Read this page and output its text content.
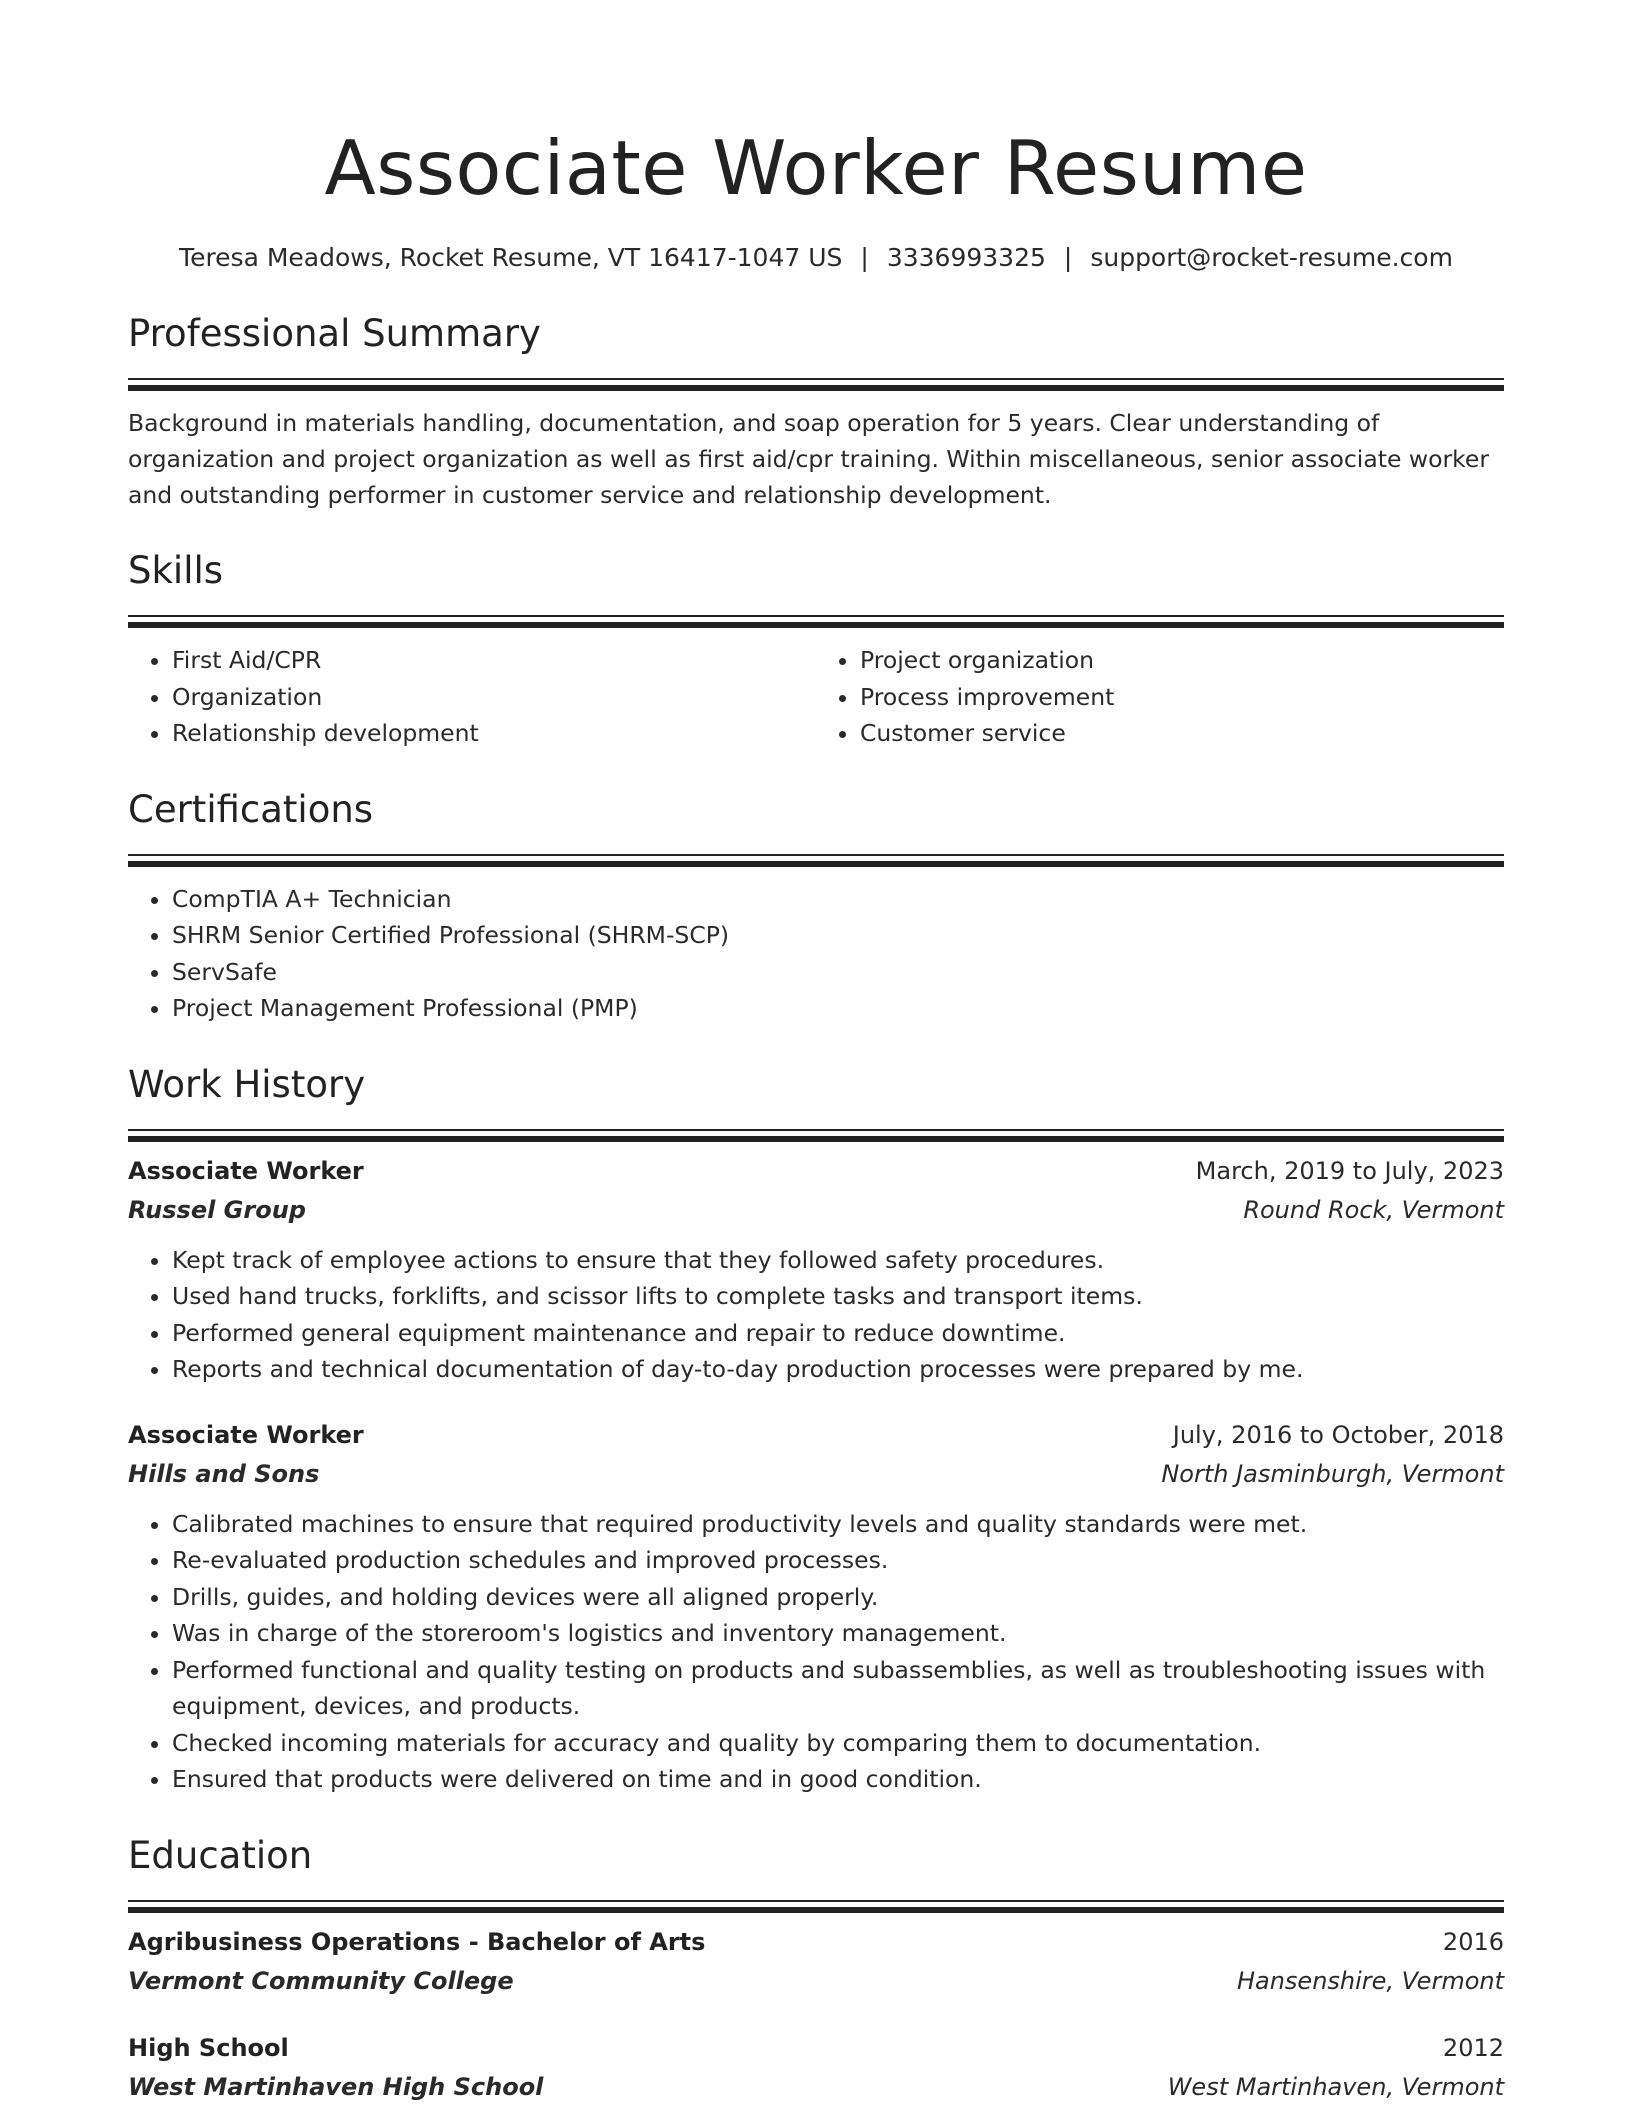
Associate Worker Resume
Teresa Meadows, Rocket Resume, VT 16417-1047 US | 3336993325 | support@rocket-resume.com
Professional Summary

Background in materials handling, documentation, and soap operation for 5 years. Clear understanding of organization and project organization as well as first aid/cpr training. Within miscellaneous, senior associate worker and outstanding performer in customer service and relationship development.

Skills
• First Aid/CPR
• Organization
• Relationship development
• Project organization
• Process improvement
• Customer service
Certifications
• CompTIA A+ Technician
• SHRM Senior Certified Professional (SHRM-SCP)
• ServSafe
• Project Management Professional (PMP)
Work History
Associate Worker	March, 2019 to July, 2023
Russel Group	Round Rock, Vermont
• Kept track of employee actions to ensure that they followed safety procedures.
• Used hand trucks, forklifts, and scissor lifts to complete tasks and transport items.
• Performed general equipment maintenance and repair to reduce downtime.
• Reports and technical documentation of day-to-day production processes were prepared by me.
Associate Worker	July, 2016 to October, 2018
Hills and Sons	North Jasminburgh, Vermont
• Calibrated machines to ensure that required productivity levels and quality standards were met.
• Re-evaluated production schedules and improved processes.
• Drills, guides, and holding devices were all aligned properly.
• Was in charge of the storeroom's logistics and inventory management.
• Performed functional and quality testing on products and subassemblies, as well as troubleshooting issues with equipment, devices, and products.
• Checked incoming materials for accuracy and quality by comparing them to documentation.
• Ensured that products were delivered on time and in good condition.
Education
Agribusiness Operations - Bachelor of Arts	2016
Vermont Community College	Hansenshire, Vermont
High School	2012
West Martinhaven High School	West Martinhaven, Vermont
